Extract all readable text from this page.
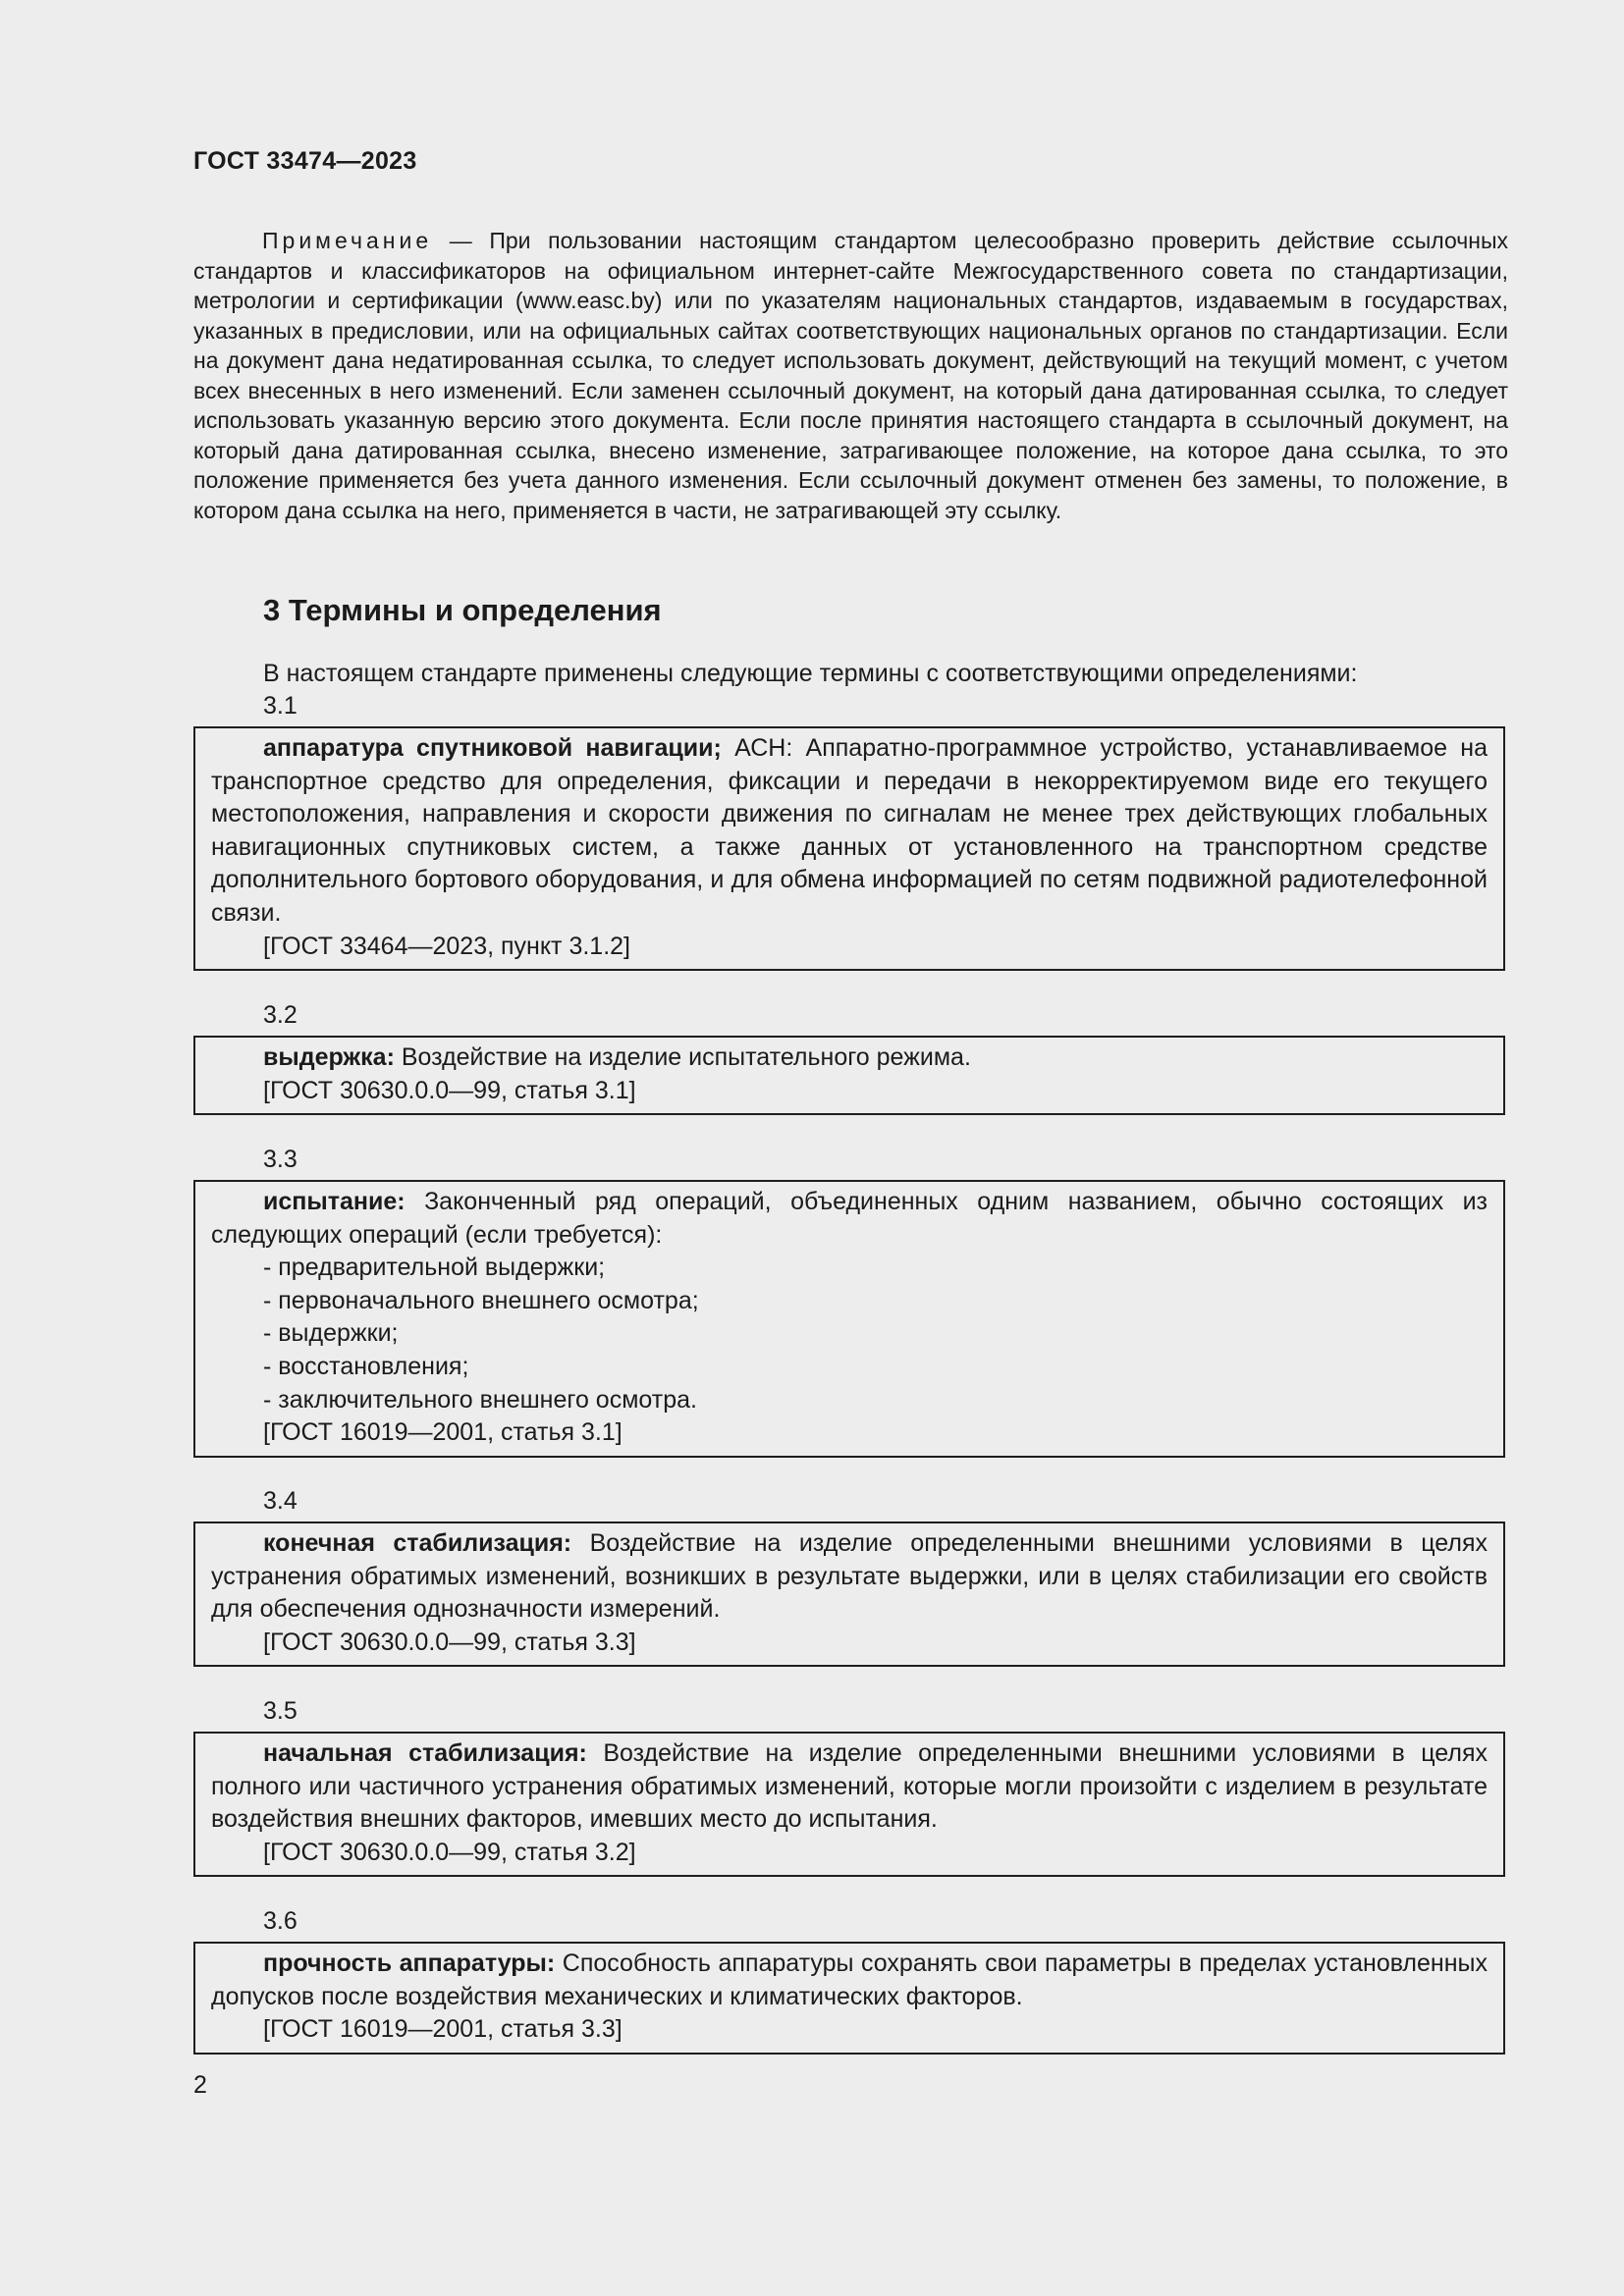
ГОСТ 33474—2023

Примечание — При пользовании настоящим стандартом целесообразно проверить действие ссылочных стандартов и классификаторов на официальном интернет-сайте Межгосударственного совета по стандартизации, метрологии и сертификации (www.easc.by) или по указателям национальных стандартов, издаваемым в государствах, указанных в предисловии, или на официальных сайтах соответствующих национальных органов по стандартизации. Если на документ дана недатированная ссылка, то следует использовать документ, действующий на текущий момент, с учетом всех внесенных в него изменений. Если заменен ссылочный документ, на который дана датированная ссылка, то следует использовать указанную версию этого документа. Если после принятия настоящего стандарта в ссылочный документ, на который дана датированная ссылка, внесено изменение, затрагивающее положение, на которое дана ссылка, то это положение применяется без учета данного изменения. Если ссылочный документ отменен без замены, то положение, в котором дана ссылка на него, применяется в части, не затрагивающей эту ссылку.

3 Термины и определения
В настоящем стандарте применены следующие термины с соответствующими определениями:
3.1

аппаратура спутниковой навигации; АСН: Аппаратно-программное устройство, устанавливаемое на транспортное средство для определения, фиксации и передачи в некорректируемом виде его текущего местоположения, направления и скорости движения по сигналам не менее трех действующих глобальных навигационных спутниковых систем, а также данных от установленного на транспортном средстве дополнительного бортового оборудования, и для обмена информацией по сетям подвижной радиотелефонной связи.

[ГОСТ 33464—2023, пункт 3.1.2]

3.2

выдержка: Воздействие на изделие испытательного режима.

[ГОСТ 30630.0.0—99, статья 3.1]

3.3

испытание: Законченный ряд операций, объединенных одним названием, обычно состоящих из следующих операций (если требуется):

- предварительной выдержки;

- первоначального внешнего осмотра;

- выдержки;

- восстановления;

- заключительного внешнего осмотра.

[ГОСТ 16019—2001, статья 3.1]

3.4

конечная стабилизация: Воздействие на изделие определенными внешними условиями в целях устранения обратимых изменений, возникших в результате выдержки, или в целях стабилизации его свойств для обеспечения однозначности измерений.

[ГОСТ 30630.0.0—99, статья 3.3]

3.5

начальная стабилизация: Воздействие на изделие определенными внешними условиями в целях полного или частичного устранения обратимых изменений, которые могли произойти с изделием в результате воздействия внешних факторов, имевших место до испытания.

[ГОСТ 30630.0.0—99, статья 3.2]

3.6

прочность аппаратуры: Способность аппаратуры сохранять свои параметры в пределах установленных допусков после воздействия механических и климатических факторов.

[ГОСТ 16019—2001, статья 3.3]

2
